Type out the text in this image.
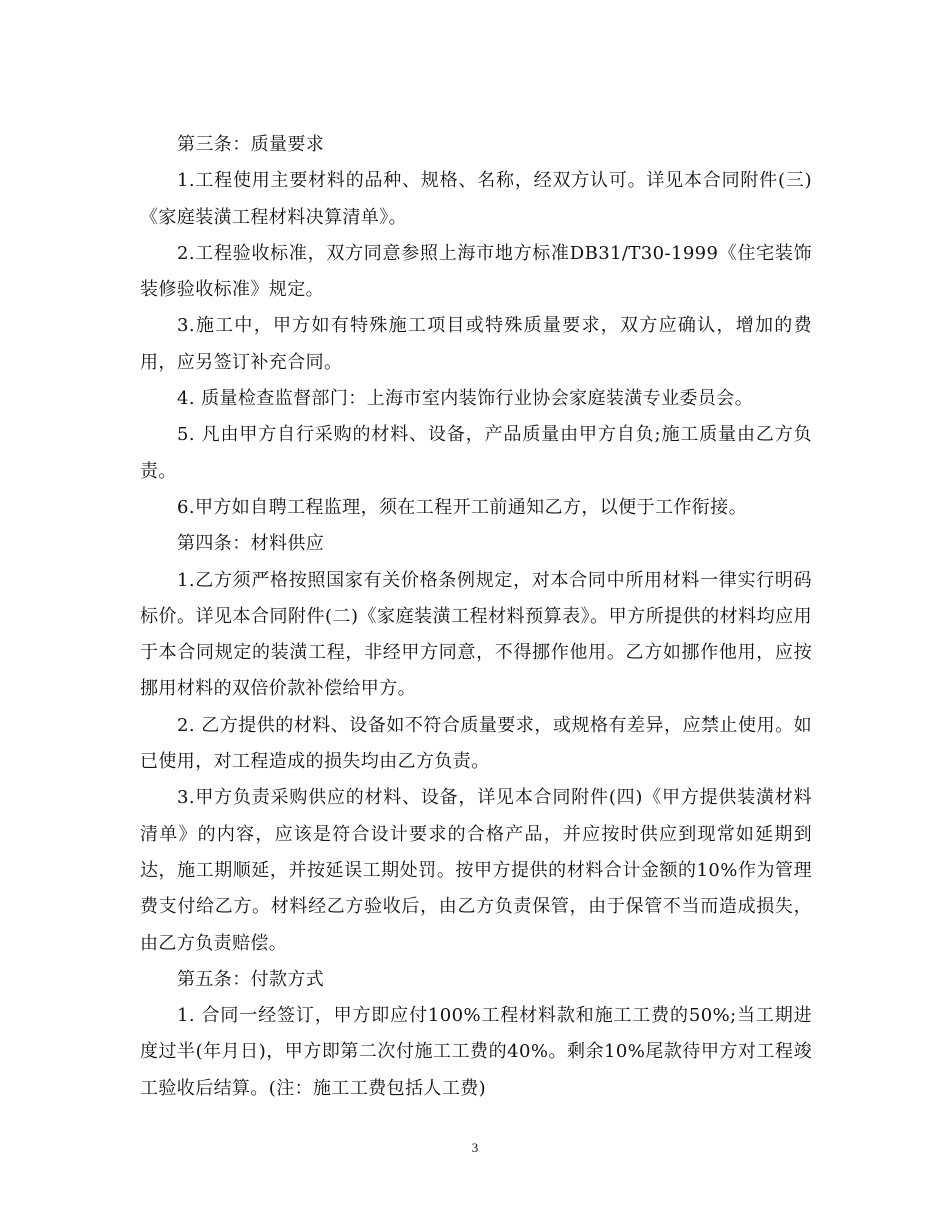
第三条：质量要求

1.工程使用主要材料的品种、规格、名称，经双方认可。详见本合同附件(三)《家庭装潢工程材料决算清单》。

2.工程验收标准，双方同意参照上海市地方标准DB31/T30-1999《住宅装饰装修验收标准》规定。

3.施工中，甲方如有特殊施工项目或特殊质量要求，双方应确认，增加的费用，应另签订补充合同。

4. 质量检查监督部门：上海市室内装饰行业协会家庭装潢专业委员会。

5. 凡由甲方自行采购的材料、设备，产品质量由甲方自负;施工质量由乙方负责。

6.甲方如自聘工程监理，须在工程开工前通知乙方，以便于工作衔接。

第四条：材料供应

1.乙方须严格按照国家有关价格条例规定，对本合同中所用材料一律实行明码标价。详见本合同附件(二)《家庭装潢工程材料预算表》。甲方所提供的材料均应用于本合同规定的装潢工程，非经甲方同意，不得挪作他用。乙方如挪作他用，应按挪用材料的双倍价款补偿给甲方。

2. 乙方提供的材料、设备如不符合质量要求，或规格有差异，应禁止使用。如已使用，对工程造成的损失均由乙方负责。

3.甲方负责采购供应的材料、设备，详见本合同附件(四)《甲方提供装潢材料清单》的内容，应该是符合设计要求的合格产品，并应按时供应到现常如延期到达，施工期顺延，并按延误工期处罚。按甲方提供的材料合计金额的10%作为管理费支付给乙方。材料经乙方验收后，由乙方负责保管，由于保管不当而造成损失，由乙方负责赔偿。

第五条：付款方式

1. 合同一经签订，甲方即应付100%工程材料款和施工工费的50%;当工期进度过半(年月日)，甲方即第二次付施工工费的40%。剩余10%尾款待甲方对工程竣工验收后结算。(注：施工工费包括人工费)

3
